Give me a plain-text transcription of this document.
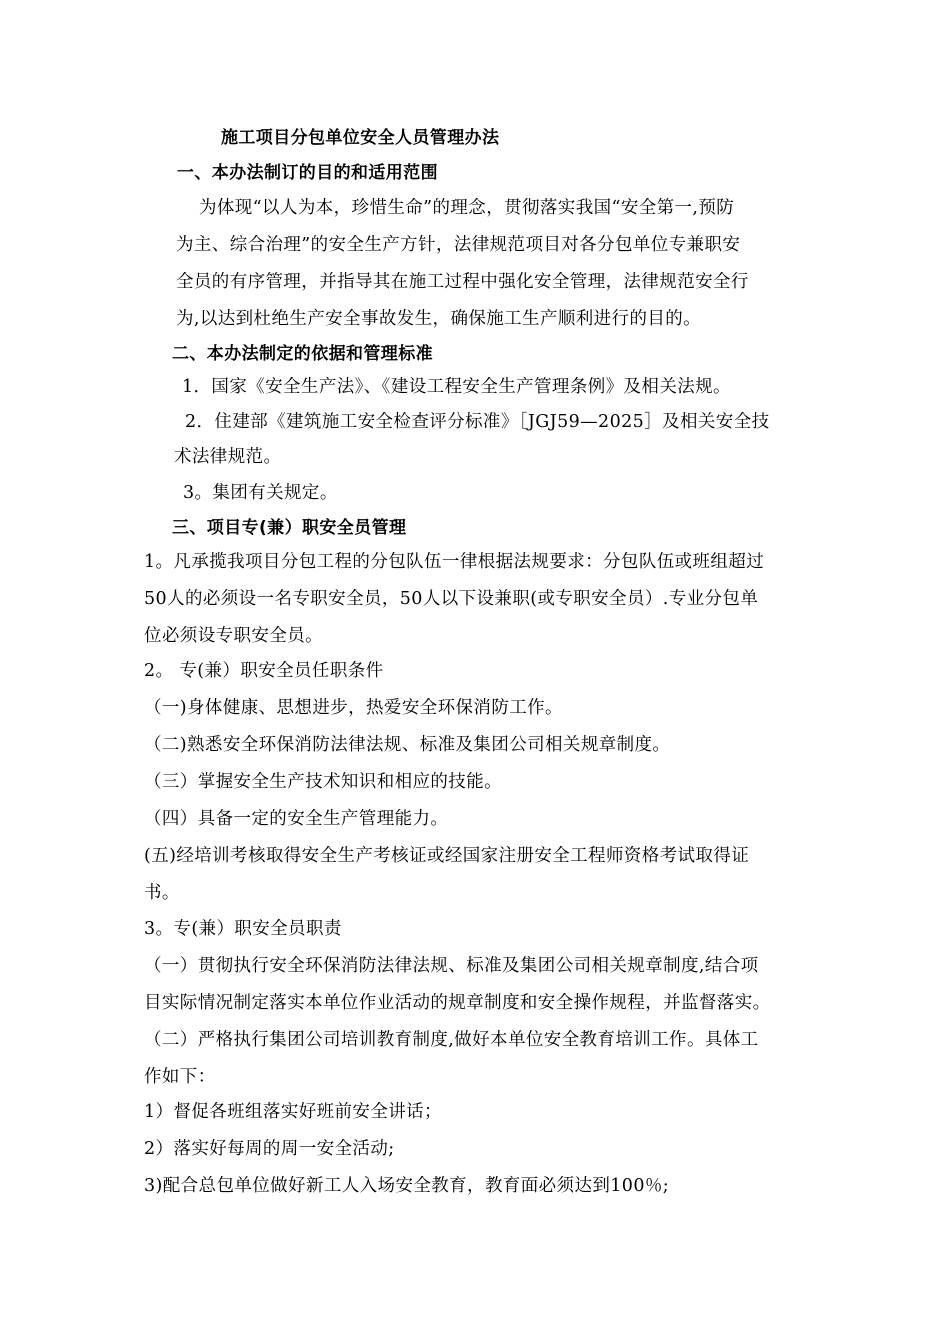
施工项目分包单位安全人员管理办法
一、本办法制订的目的和适用范围
为体现“以人为本，珍惜生命”的理念，贯彻落实我国“安全第一,预防
为主、综合治理”的安全生产方针，法律规范项目对各分包单位专兼职安
全员的有序管理，并指导其在施工过程中强化安全管理，法律规范安全行
为,以达到杜绝生产安全事故发生，确保施工生产顺利进行的目的。
二、本办法制定的依据和管理标准
1．国家《安全生产法》、《建设工程安全生产管理条例》及相关法规。
2．住建部《建筑施工安全检查评分标准》［JGJ59—2025］及相关安全技
术法律规范。
3。集团有关规定。
三、项目专(兼）职安全员管理
1。凡承揽我项目分包工程的分包队伍一律根据法规要求：分包队伍或班组超过
50人的必须设一名专职安全员，50人以下设兼职(或专职安全员）.专业分包单
位必须设专职安全员。
2。 专(兼）职安全员任职条件
（一)身体健康、思想进步，热爱安全环保消防工作。
（二)熟悉安全环保消防法律法规、标准及集团公司相关规章制度。
（三）掌握安全生产技术知识和相应的技能。
（四）具备一定的安全生产管理能力。
(五)经培训考核取得安全生产考核证或经国家注册安全工程师资格考试取得证
书。
3。专(兼）职安全员职责
（一）贯彻执行安全环保消防法律法规、标准及集团公司相关规章制度,结合项
目实际情况制定落实本单位作业活动的规章制度和安全操作规程，并监督落实。
（二）严格执行集团公司培训教育制度,做好本单位安全教育培训工作。具体工
作如下：
1）督促各班组落实好班前安全讲话；
2）落实好每周的周一安全活动;
3)配合总包单位做好新工人入场安全教育，教育面必须达到100％;
